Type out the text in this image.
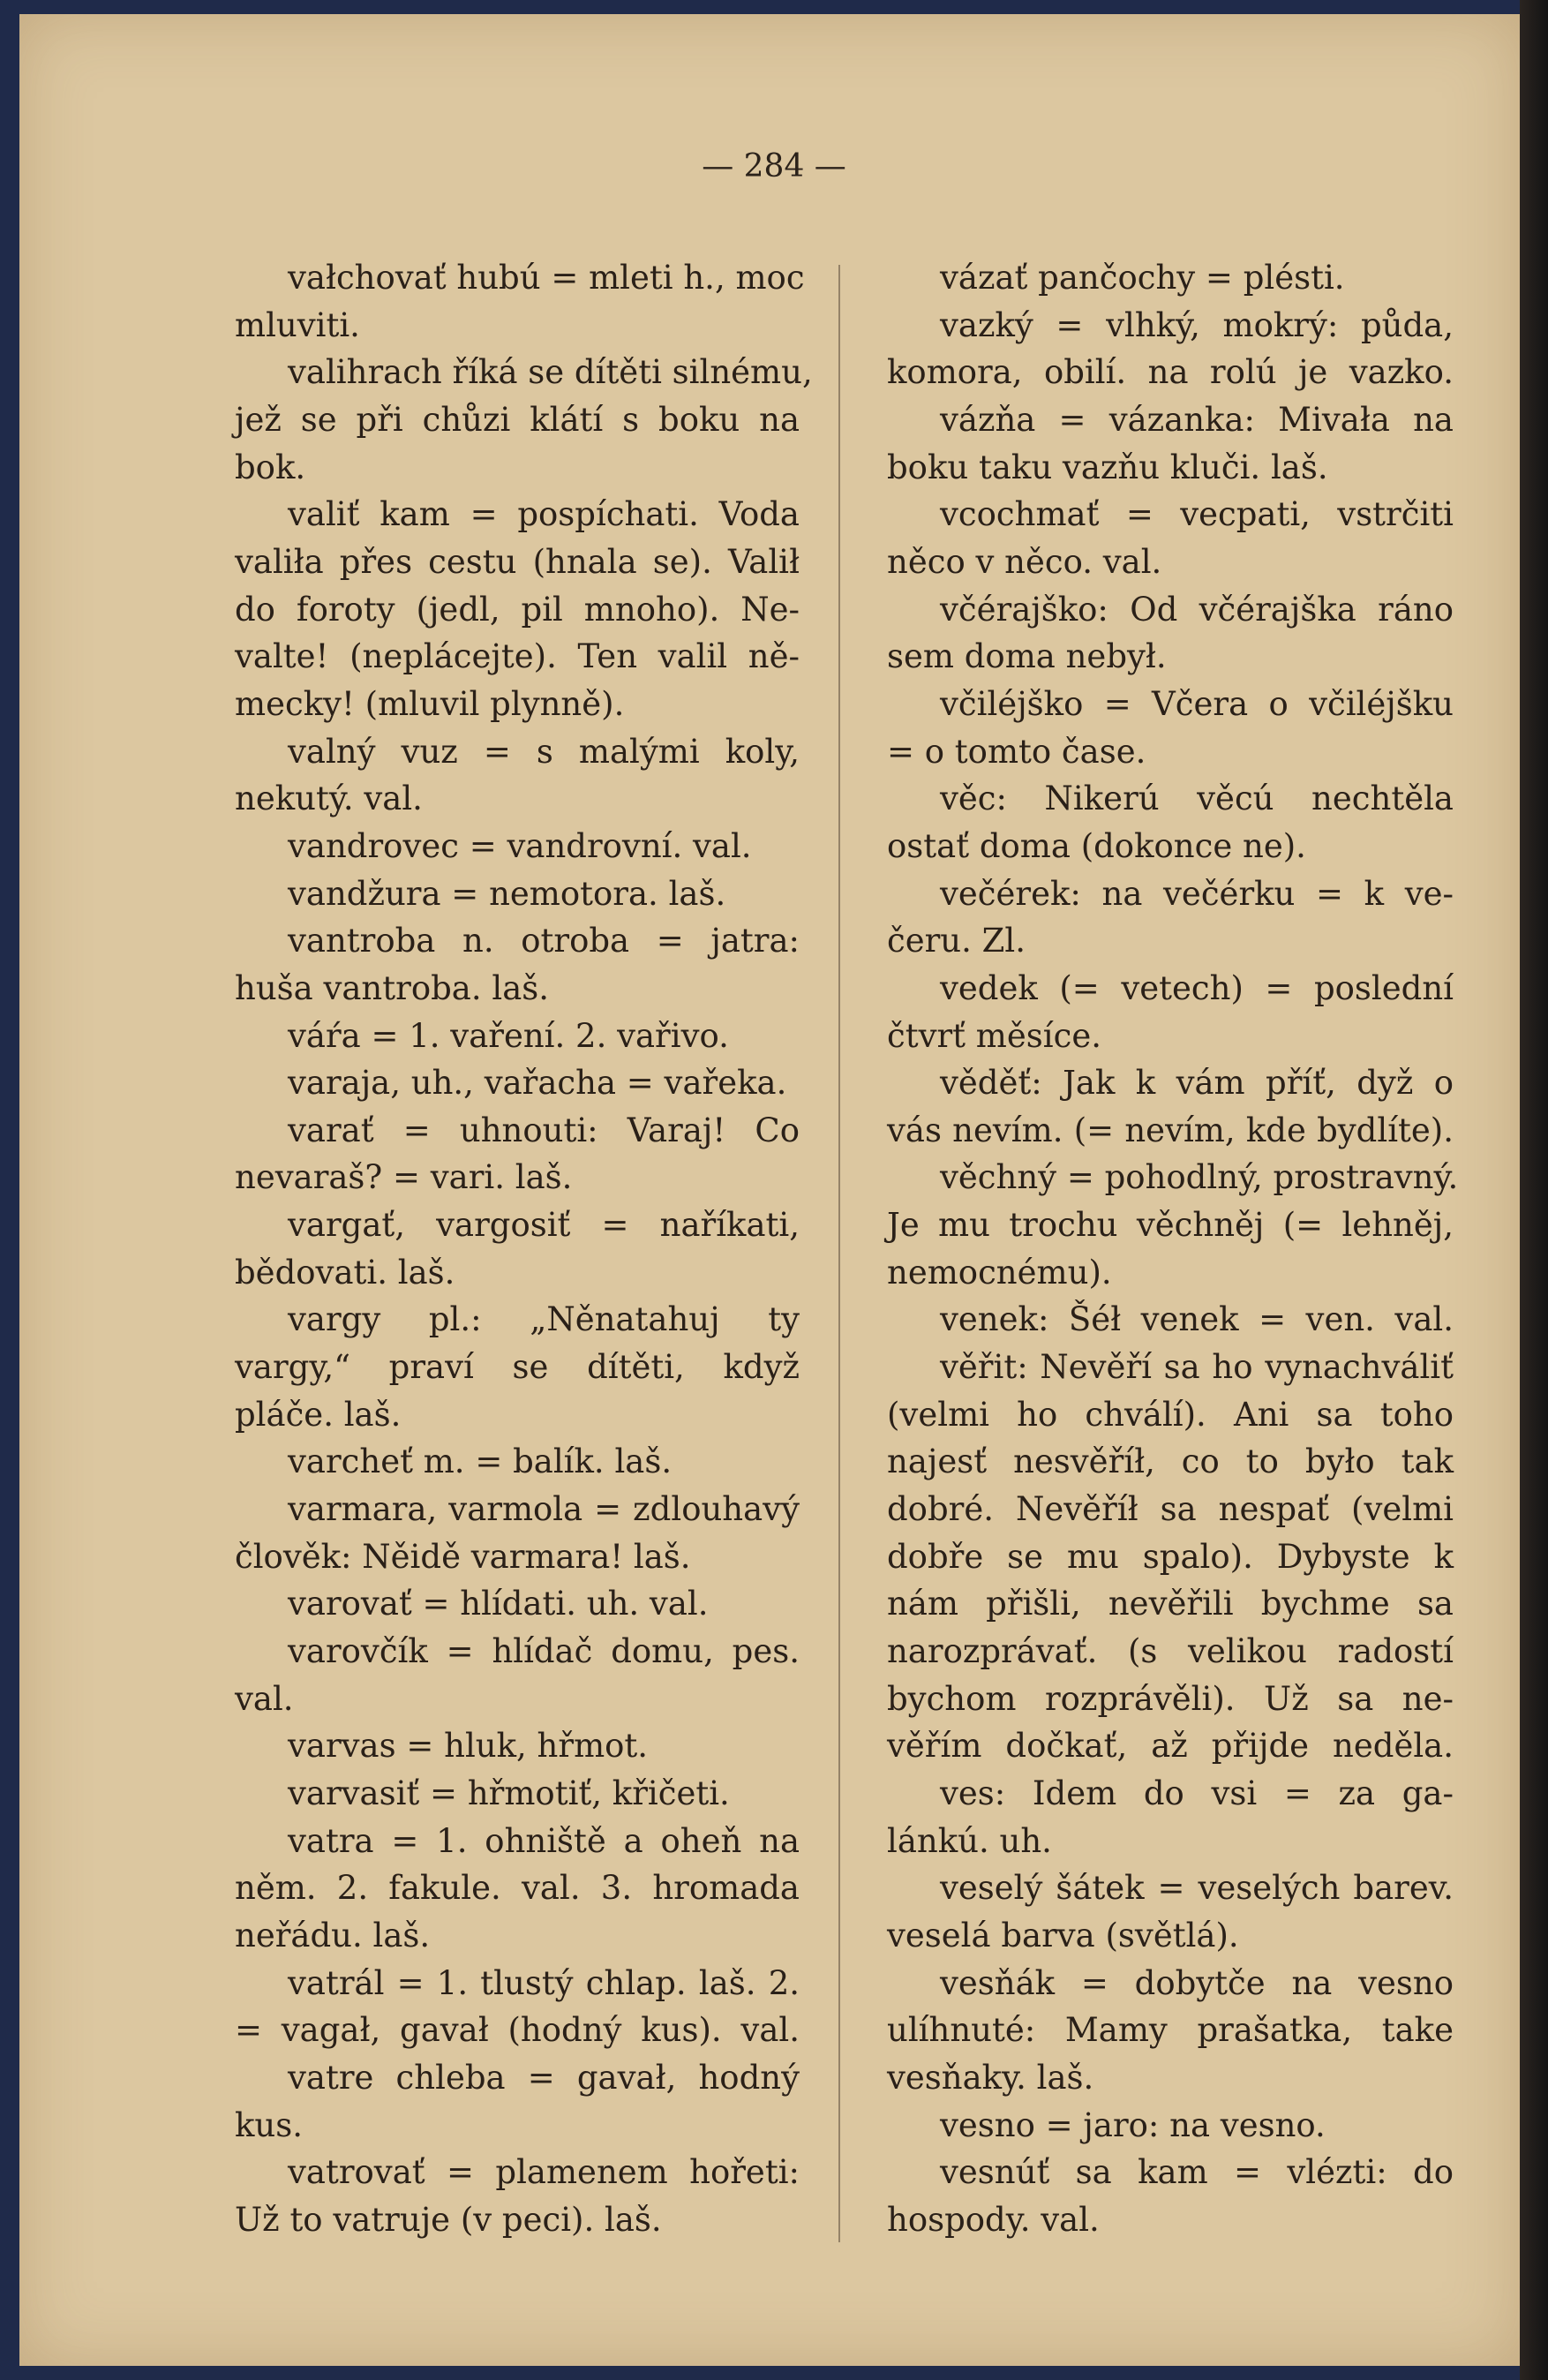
— 284 —
vałchovať hubú = mleti h., moc
mluviti.
valihrach říká se dítěti silnému,
jež se při chůzi klátí s boku na
bok.
valiť kam = pospíchati. Voda
valiła přes cestu (hnala se). Valił
do foroty (jedl, pil mnoho). Ne-
valte! (neplácejte). Ten valil ně-
mecky! (mluvil plynně).
valný vuz = s malými koly,
nekutý. val.
vandrovec = vandrovní. val.
vandžura = nemotora. laš.
vantroba n. otroba = jatra:
huša vantroba. laš.
váŕa = 1. vaření. 2. vařivo.
varaja, uh., vařacha = vařeka.
varať = uhnouti: Varaj! Co
nevaraš? = vari. laš.
vargať, vargosiť = naříkati,
bědovati. laš.
vargy pl.: „Něnatahuj ty
vargy,“ praví se dítěti, když
pláče. laš.
varcheť m. = balík. laš.
varmara, varmola = zdlouhavý
člověk: Něidě varmara! laš.
varovať = hlídati. uh. val.
varovčík = hlídač domu, pes.
val.
varvas = hluk, hřmot.
varvasiť = hřmotiť, křičeti.
vatra = 1. ohniště a oheň na
něm. 2. fakule. val. 3. hromada
neřádu. laš.
vatrál = 1. tlustý chlap. laš. 2.
= vagał, gavał (hodný kus). val.
vatre chleba = gavał, hodný
kus.
vatrovať = plamenem hořeti:
Už to vatruje (v peci). laš.
vázať pančochy = plésti.
vazký = vlhký, mokrý: půda,
komora, obilí. na rolú je vazko.
vázňa = vázanka: Mivała na
boku taku vazňu kluči. laš.
vcochmať = vecpati, vstrčiti
něco v něco. val.
včérajško: Od včérajška ráno
sem doma nebył.
včiléjško = Včera o včiléjšku
= o tomto čase.
věc: Nikerú věcú nechtěla
ostať doma (dokonce ne).
večérek: na večérku = k ve-
čeru. Zl.
vedek (= vetech) = poslední
čtvrť měsíce.
věděť: Jak k vám příť, dyž o
vás nevím. (= nevím, kde bydlíte).
věchný = pohodlný, prostravný.
Je mu trochu věchněj (= lehněj,
nemocnému).
venek: Šéł venek = ven. val.
věřit: Nevěří sa ho vynachváliť
(velmi ho chválí). Ani sa toho
najesť nesvěříł, co to było tak
dobré. Nevěříł sa nespať (velmi
dobře se mu spalo). Dybyste k
nám přišli, nevěřili bychme sa
narozprávať. (s velikou radostí
bychom rozprávěli). Už sa ne-
věřím dočkať, až přijde neděla.
ves: Idem do vsi = za ga-
lánkú. uh.
veselý šátek = veselých barev.
veselá barva (světlá).
vesňák = dobytče na vesno
ulíhnuté: Mamy prašatka, take
vesňaky. laš.
vesno = jaro: na vesno.
vesnúť sa kam = vlézti: do
hospody. val.
